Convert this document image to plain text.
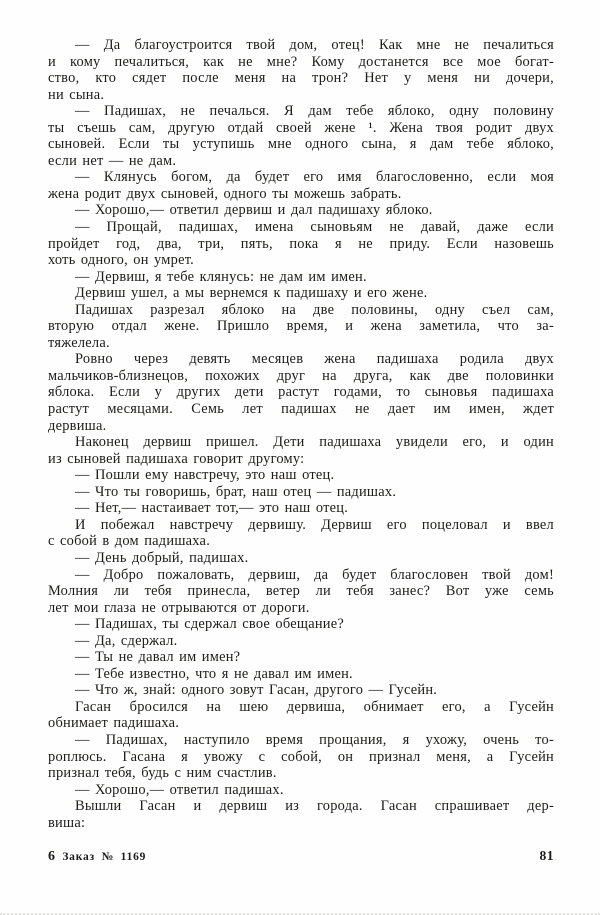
— Да благоустроится твой дом, отец! Как мне не печалиться
и кому печалиться, как не мне? Кому достанется все мое богат-
ство, кто сядет после меня на трон? Нет у меня ни дочери,
ни сына.
— Падишах, не печалься. Я дам тебе яблоко, одну половину
ты съешь сам, другую отдай своей жене ¹. Жена твоя родит двух
сыновей. Если ты уступишь мне одного сына, я дам тебе яблоко,
если нет — не дам.
— Клянусь богом, да будет его имя благословенно, если моя
жена родит двух сыновей, одного ты можешь забрать.
— Хорошо,— ответил дервиш и дал падишаху яблоко.
— Прощай, падишах, имена сыновьям не давай, даже если
пройдет год, два, три, пять, пока я не приду. Если назовешь
хоть одного, он умрет.
— Дервиш, я тебе клянусь: не дам им имен.
Дервиш ушел, а мы вернемся к падишаху и его жене.
Падишах разрезал яблоко на две половины, одну съел сам,
вторую отдал жене. Пришло время, и жена заметила, что за-
тяжелела.
Ровно через девять месяцев жена падишаха родила двух
мальчиков-близнецов, похожих друг на друга, как две половинки
яблока. Если у других дети растут годами, то сыновья падишаха
растут месяцами. Семь лет падишах не дает им имен, ждет
дервиша.
Наконец дервиш пришел. Дети падишаха увидели его, и один
из сыновей падишаха говорит другому:
— Пошли ему навстречу, это наш отец.
— Что ты говоришь, брат, наш отец — падишах.
— Нет,— настаивает тот,— это наш отец.
И побежал навстречу дервишу. Дервиш его поцеловал и ввел
с собой в дом падишаха.
— День добрый, падишах.
— Добро пожаловать, дервиш, да будет благословен твой дом!
Молния ли тебя принесла, ветер ли тебя занес? Вот уже семь
лет мои глаза не отрываются от дороги.
— Падишах, ты сдержал свое обещание?
— Да, сдержал.
— Ты не давал им имен?
— Тебе известно, что я не давал им имен.
— Что ж, знай: одного зовут Гасан, другого — Гусейн.
Гасан бросился на шею дервиша, обнимает его, а Гусейн
обнимает падишаха.
— Падишах, наступило время прощания, я ухожу, очень то-
роплюсь. Гасана я увожу с собой, он признал меня, а Гусейн
признал тебя, будь с ним счастлив.
— Хорошо,— ответил падишах.
Вышли Гасан и дервиш из города. Гасан спрашивает дер-
виша:
6 Заказ № 1169	81
